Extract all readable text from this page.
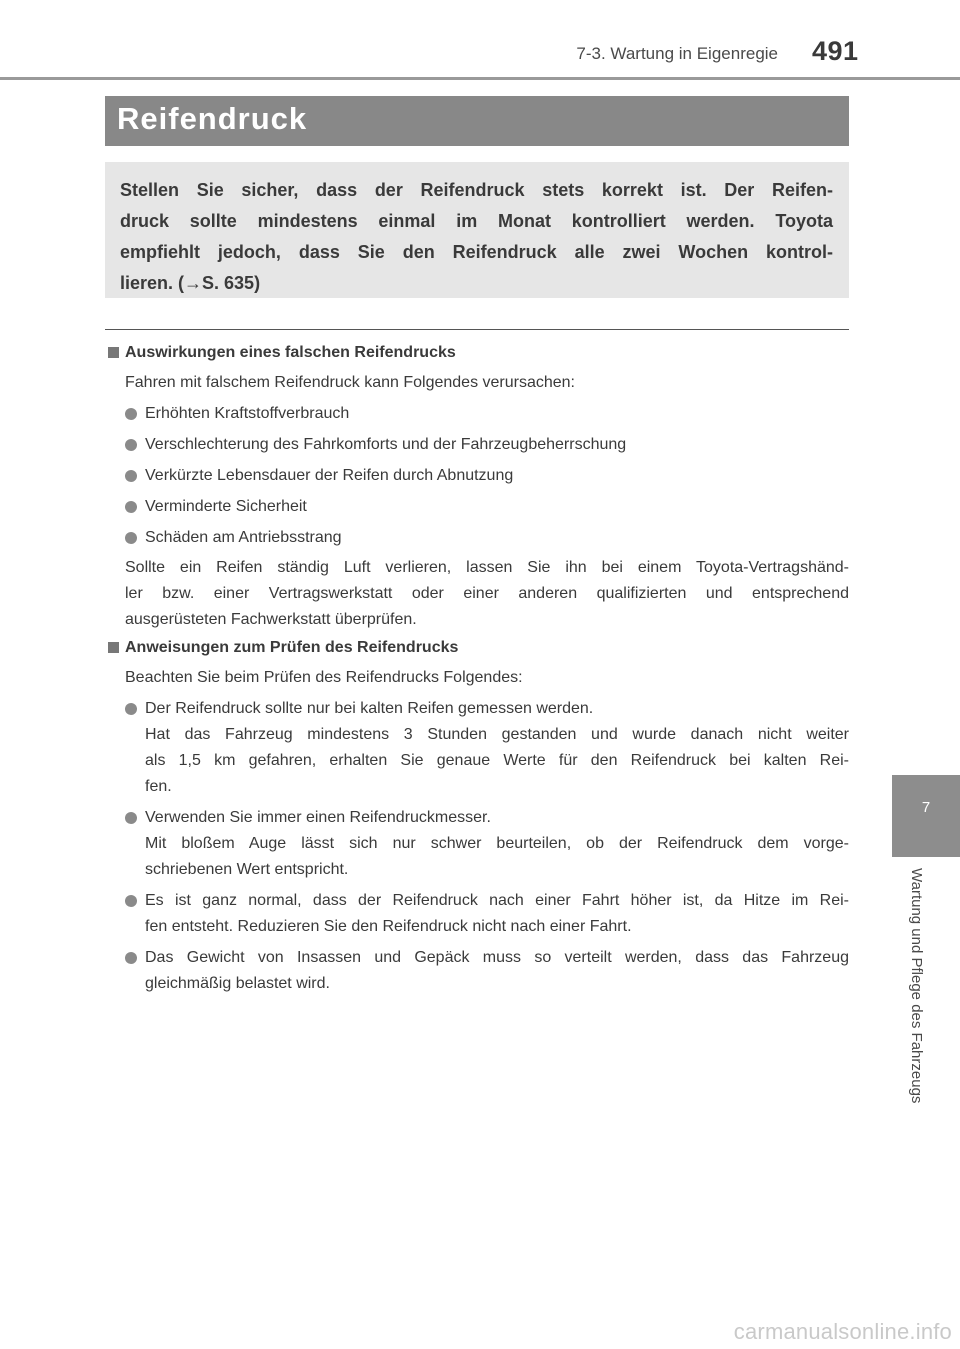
7-3. Wartung in Eigenregie 491
7
Wartung und Pflege des Fahrzeugs
Reifendruck
Stellen Sie sicher, dass der Reifendruck stets korrekt ist. Der Reifen-
druck sollte mindestens einmal im Monat kontrolliert werden. Toyota
empfiehlt jedoch, dass Sie den Reifendruck alle zwei Wochen kontrol-
lieren. (→S. 635)
Auswirkungen eines falschen Reifendrucks
Fahren mit falschem Reifendruck kann Folgendes verursachen:
Erhöhten Kraftstoffverbrauch
Verschlechterung des Fahrkomforts und der Fahrzeugbeherrschung
Verkürzte Lebensdauer der Reifen durch Abnutzung
Verminderte Sicherheit
Schäden am Antriebsstrang
Sollte ein Reifen ständig Luft verlieren, lassen Sie ihn bei einem Toyota-Vertragshänd-
ler bzw. einer Vertragswerkstatt oder einer anderen qualifizierten und entsprechend
ausgerüsteten Fachwerkstatt überprüfen.
Anweisungen zum Prüfen des Reifendrucks
Beachten Sie beim Prüfen des Reifendrucks Folgendes:
Der Reifendruck sollte nur bei kalten Reifen gemessen werden.
Hat das Fahrzeug mindestens 3 Stunden gestanden und wurde danach nicht weiter
als 1,5 km gefahren, erhalten Sie genaue Werte für den Reifendruck bei kalten Rei-
fen.
Verwenden Sie immer einen Reifendruckmesser.
Mit bloßem Auge lässt sich nur schwer beurteilen, ob der Reifendruck dem vorge-
schriebenen Wert entspricht.
Es ist ganz normal, dass der Reifendruck nach einer Fahrt höher ist, da Hitze im Rei-
fen entsteht. Reduzieren Sie den Reifendruck nicht nach einer Fahrt.
Das Gewicht von Insassen und Gepäck muss so verteilt werden, dass das Fahrzeug
gleichmäßig belastet wird.
carmanualsonline.info
